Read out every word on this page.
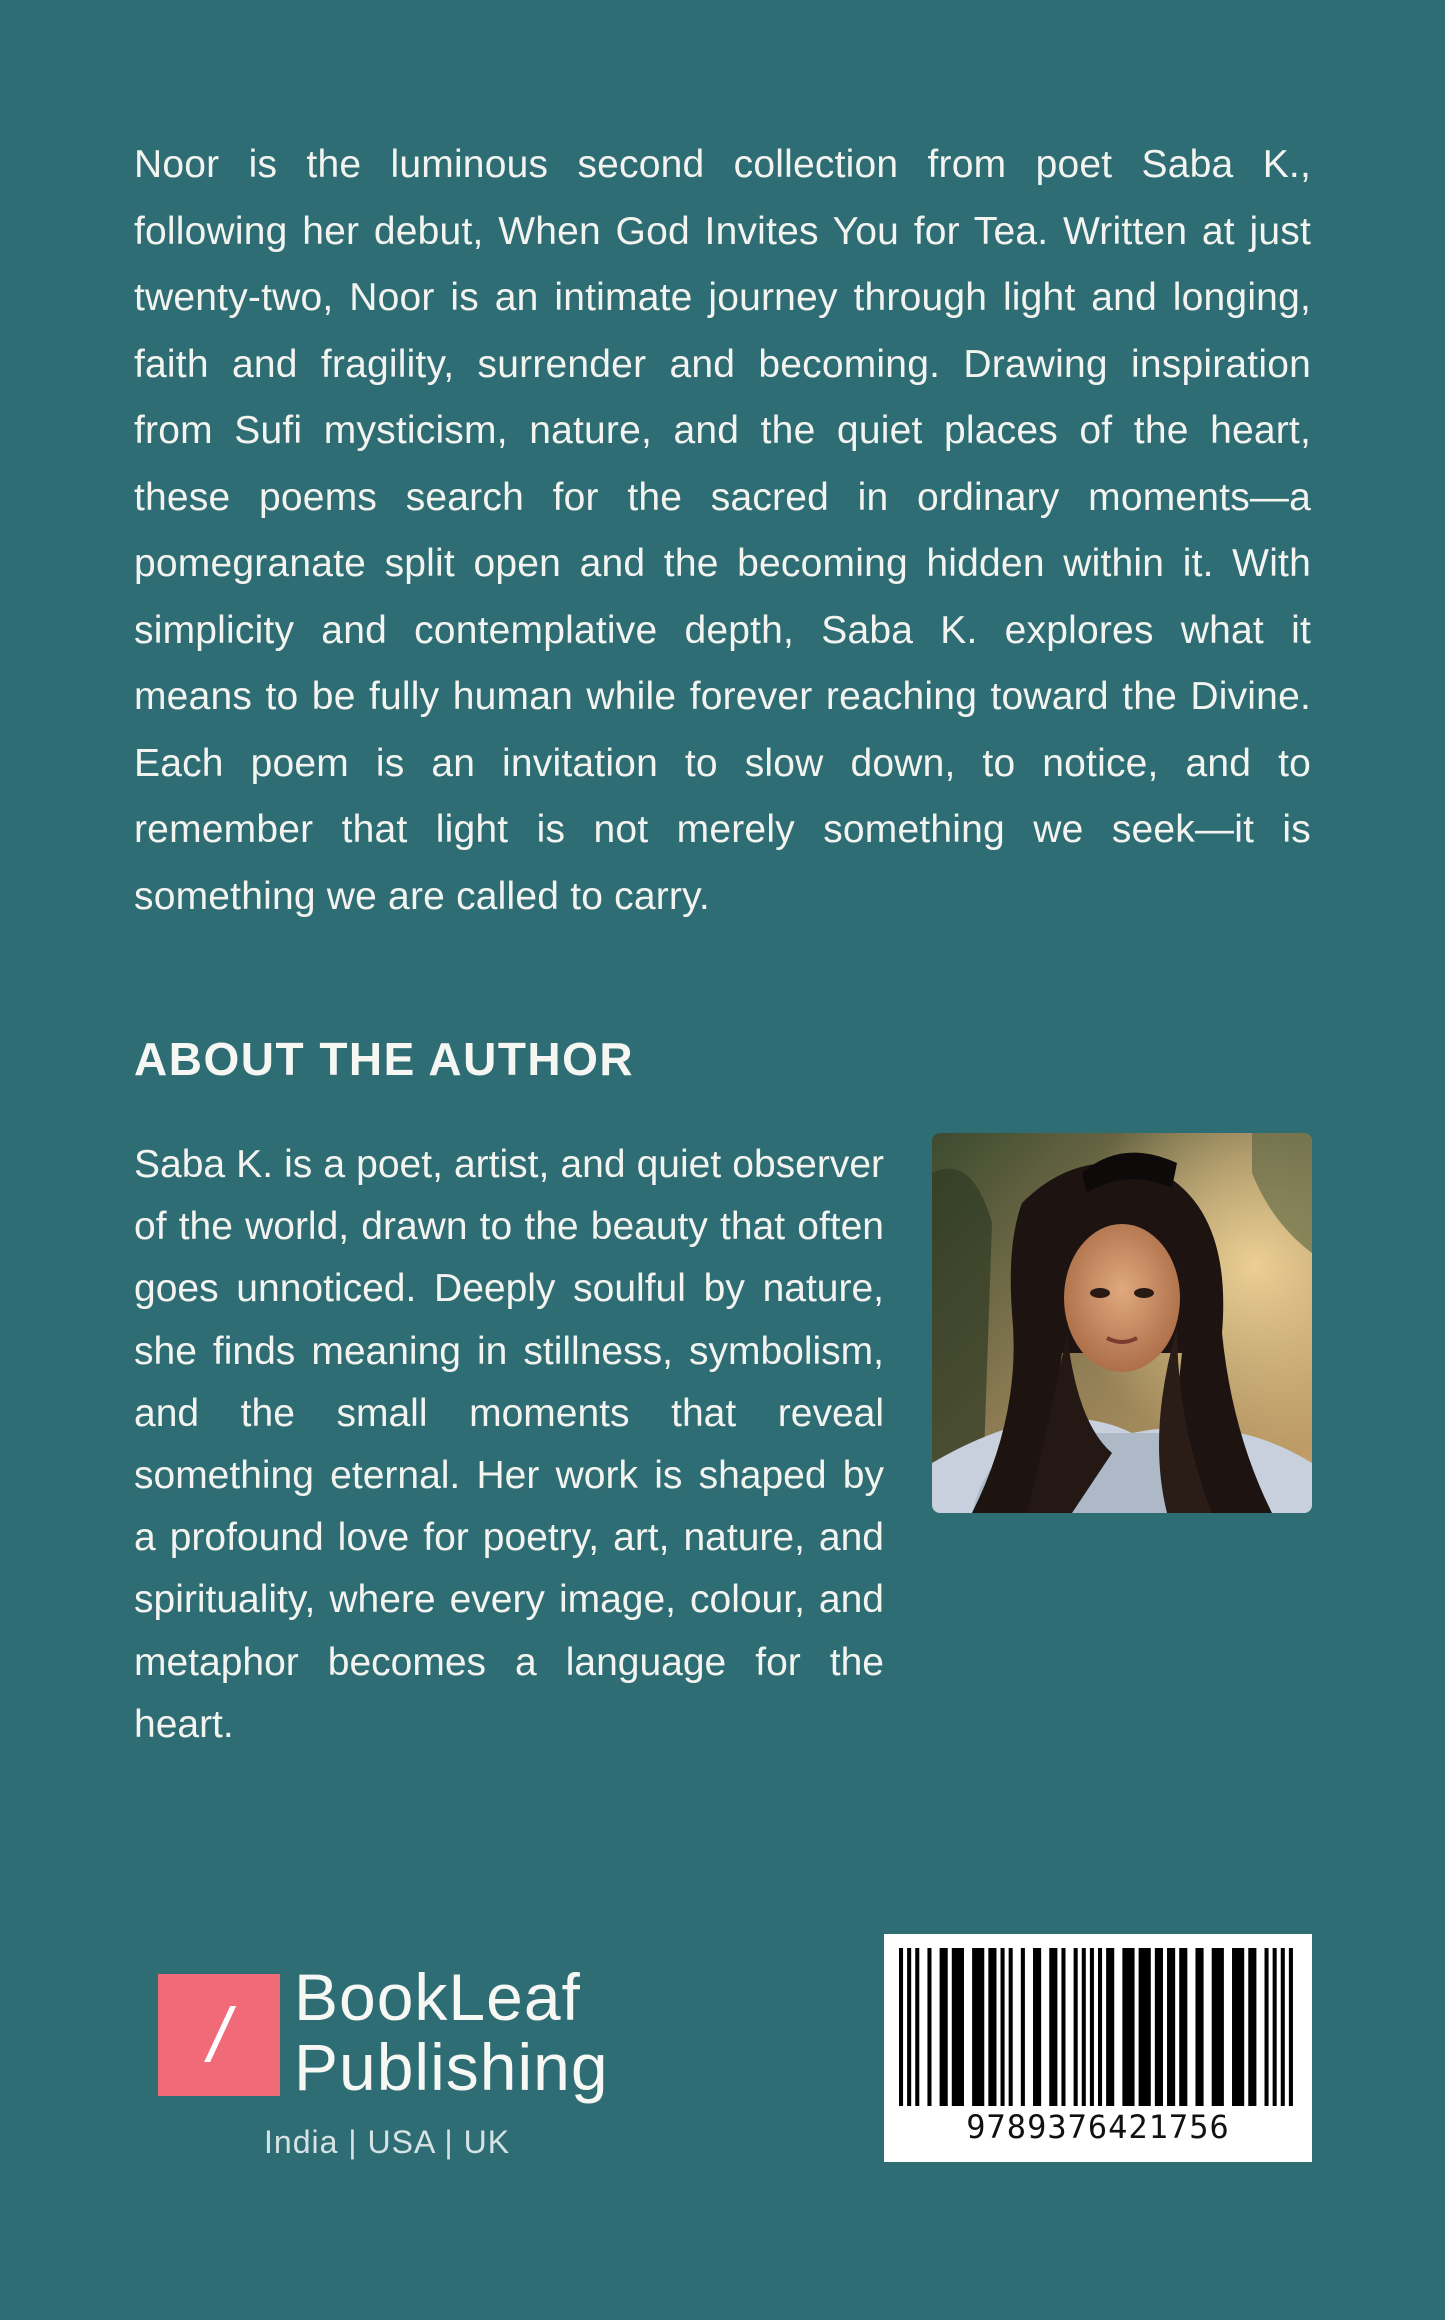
Noor is the luminous second collection from poet Saba K., following her debut, When God Invites You for Tea. Written at just twenty-two, Noor is an intimate journey through light and longing, faith and fragility, surrender and becoming. Drawing inspiration from Sufi mysticism, nature, and the quiet places of the heart, these poems search for the sacred in ordinary moments—a pomegranate split open and the becoming hidden within it. With simplicity and contemplative depth, Saba K. explores what it means to be fully human while forever reaching toward the Divine. Each poem is an invitation to slow down, to notice, and to remember that light is not merely something we seek—it is something we are called to carry.

ABOUT THE AUTHOR

Saba K. is a poet, artist, and quiet observer of the world, drawn to the beauty that often goes unnoticed. Deeply soulful by nature, she finds meaning in stillness, symbolism, and the small moments that reveal something eternal. Her work is shaped by a profound love for poetry, art, nature, and spirituality, where every image, colour, and metaphor becomes a language for the heart.

/ BookLeaf
Publishing
India | USA | UK	9789376421756
